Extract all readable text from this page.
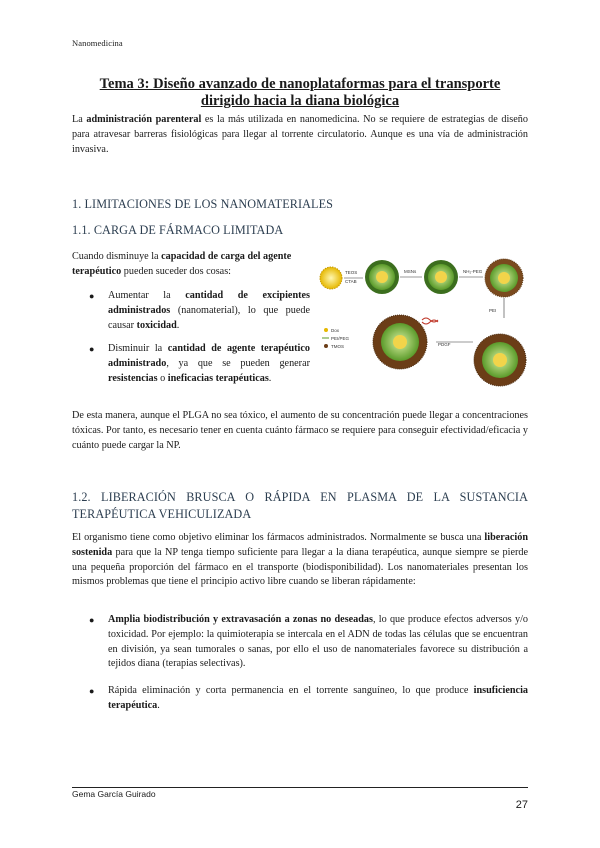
Nanomedicina
Tema 3: Diseño avanzado de nanoplataformas para el transporte
dirigido hacia la diana biológica
La administración parenteral es la más utilizada en nanomedicina. No se requiere de estrategias de diseño para atravesar barreras fisiológicas para llegar al torrente circulatorio. Aunque es una vía de administración invasiva.
1. LIMITACIONES DE LOS NANOMATERIALES
1.1. CARGA DE FÁRMACO LIMITADA
Cuando disminuye la capacidad de carga del agente terapéutico pueden suceder dos cosas:
● Aumentar la cantidad de excipientes administrados (nanomaterial), lo que puede causar toxicidad.
● Disminuir la cantidad de agente terapéutico administrado, ya que se pueden generar resistencias o ineficacias terapéuticas.
TEOS
CTAB
MSNs	NH₂-PEG
PEI
PDGF
Dox
PEI/PEG
TMOS
De esta manera, aunque el PLGA no sea tóxico, el aumento de su concentración puede llegar a concentraciones tóxicas. Por tanto, es necesario tener en cuenta cuánto fármaco se requiere para conseguir efectividad/eficacia y cuánto puede cargar la NP.
1.2. LIBERACIÓN BRUSCA O RÁPIDA EN PLASMA DE LA SUSTANCIA TERAPÉUTICA VEHICULIZADA
El organismo tiene como objetivo eliminar los fármacos administrados. Normalmente se busca una liberación sostenida para que la NP tenga tiempo suficiente para llegar a la diana terapéutica, aunque siempre se pierde una pequeña proporción del fármaco en el transporte (biodisponibilidad). Los nanomateriales presentan los mismos problemas que tiene el principio activo libre cuando se liberan rápidamente:
● Amplia biodistribución y extravasación a zonas no deseadas, lo que produce efectos adversos y/o toxicidad. Por ejemplo: la quimioterapia se intercala en el ADN de todas las células que se encuentran en división, ya sean tumorales o sanas, por ello el uso de nanomateriales favorece su distribución a tejidos diana (terapias selectivas).
● Rápida eliminación y corta permanencia en el torrente sanguíneo, lo que produce insuficiencia terapéutica.
Gema García Guirado
27
